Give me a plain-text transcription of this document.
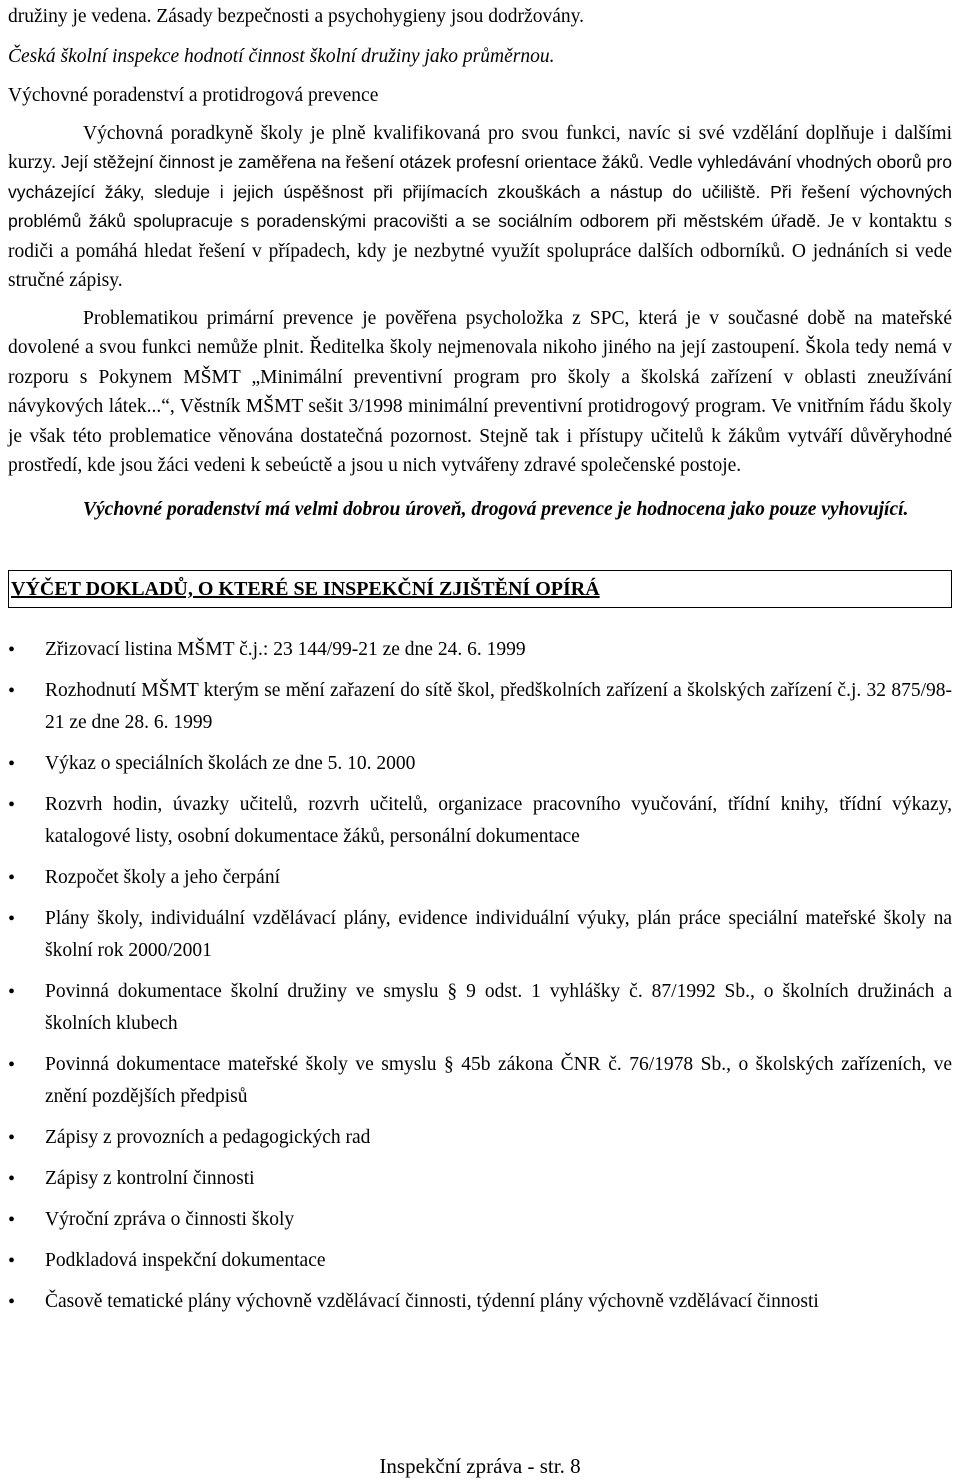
družiny je vedena. Zásady bezpečnosti a psychohygieny jsou dodržovány.

Česká školní inspekce hodnotí činnost školní družiny jako průměrnou.

Výchovné poradenství a protidrogová prevence

Výchovná poradkyně školy je plně kvalifikovaná pro svou funkci, navíc si své vzdělání doplňuje i dalšími kurzy. Její stěžejní činnost je zaměřena na řešení otázek profesní orientace žáků. Vedle vyhledávání vhodných oborů pro vycházející žáky, sleduje i jejich úspěšnost při přijímacích zkouškách a nástup do učiliště. Při řešení výchovných problémů žáků spolupracuje s poradenskými pracovišti a se sociálním odborem při městském úřadě. Je v kontaktu s rodiči a pomáhá hledat řešení v případech, kdy je nezbytné využít spolupráce dalších odborníků. O jednáních si vede stručné zápisy.

Problematikou primární prevence je pověřena psycholožka z SPC, která je v současné době na mateřské dovolené a svou funkci nemůže plnit. Ředitelka školy nejmenovala nikoho jiného na její zastoupení. Škola tedy nemá v rozporu s Pokynem MŠMT „Minimální preventivní program pro školy a školská zařízení v oblasti zneužívání návykových látek...“, Věstník MŠMT sešit 3/1998 minimální preventivní protidrogový program. Ve vnitřním řádu školy je však této problematice věnována dostatečná pozornost. Stejně tak i přístupy učitelů k žákům vytváří důvěryhodné prostředí, kde jsou žáci vedeni k sebeúctě a jsou u nich vytvářeny zdravé společenské postoje.

Výchovné poradenství má velmi dobrou úroveň, drogová prevence je hodnocena jako pouze vyhovující.

VÝČET DOKLADŮ, O KTERÉ SE INSPEKČNÍ ZJIŠTĚNÍ OPÍRÁ
• Zřizovací listina MŠMT č.j.: 23 144/99-21 ze dne 24. 6. 1999
• Rozhodnutí MŠMT kterým se mění zařazení do sítě škol, předškolních zařízení a školských zařízení č.j. 32 875/98-21 ze dne 28. 6. 1999
• Výkaz o speciálních školách ze dne 5. 10. 2000
• Rozvrh hodin, úvazky učitelů, rozvrh učitelů, organizace pracovního vyučování, třídní knihy, třídní výkazy, katalogové listy, osobní dokumentace žáků, personální dokumentace
• Rozpočet školy a jeho čerpání
• Plány školy, individuální vzdělávací plány, evidence individuální výuky, plán práce speciální mateřské školy na školní rok 2000/2001
• Povinná dokumentace školní družiny ve smyslu § 9 odst. 1 vyhlášky č. 87/1992 Sb., o školních družinách a školních klubech
• Povinná dokumentace mateřské školy ve smyslu § 45b zákona ČNR č. 76/1978 Sb., o školských zařízeních, ve znění pozdějších předpisů
• Zápisy z provozních a pedagogických rad
• Zápisy z kontrolní činnosti
• Výroční zpráva o činnosti školy
• Podkladová inspekční dokumentace
• Časově tematické plány výchovně vzdělávací činnosti, týdenní plány výchovně vzdělávací činnosti
Inspekční zpráva - str. 8
